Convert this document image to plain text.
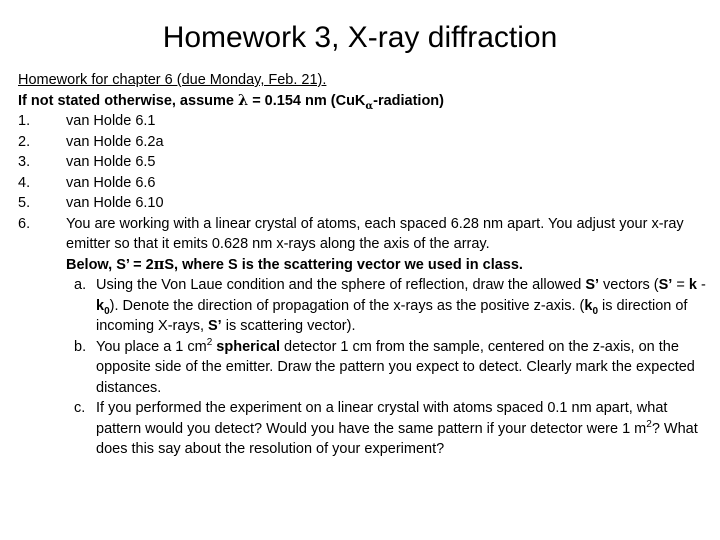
Homework 3, X-ray diffraction
Homework for chapter 6 (due Monday, Feb. 21).
If not stated otherwise, assume λ = 0.154 nm (CuK$_\alpha$-radiation)
1.	van Holde 6.1
2.	van Holde 6.2a
3.	van Holde 6.5
4.	van Holde 6.6
5.	van Holde 6.10
6.	You are working with a linear crystal of atoms, each spaced 6.28 nm apart. You adjust your x-ray emitter so that it emits 0.628 nm x-rays along the axis of the array.
Below, S’ = 2πS, where S is the scattering vector we used in class.
a. Using the Von Laue condition and the sphere of reflection, draw the allowed S’ vectors (S’ = k - $k_0$). Denote the direction of propagation of the x-rays as the positive z-axis. ($k_0$ is direction of incoming X-rays, S’ is scattering vector).
b. You place a 1 $cm^2$ spherical detector 1 cm from the sample, centered on the z-axis, on the opposite side of the emitter. Draw the pattern you expect to detect. Clearly mark the expected distances.
c. If you performed the experiment on a linear crystal with atoms spaced 0.1 nm apart, what pattern would you detect? Would you have the same pattern if your detector were 1 $m^2$? What does this say about the resolution of your experiment?
